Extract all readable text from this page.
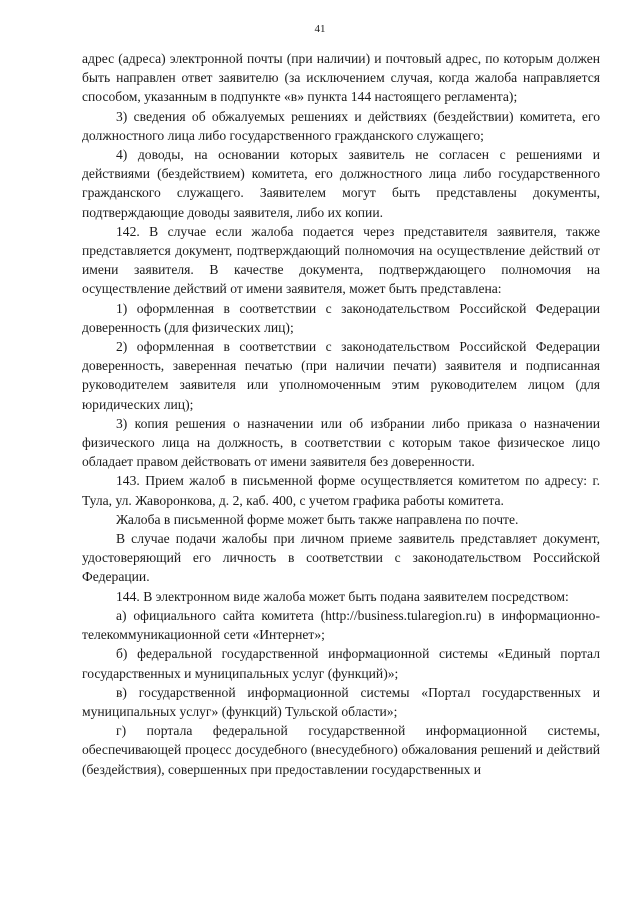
41

адрес (адреса) электронной почты (при наличии) и почтовый адрес, по которым должен быть направлен ответ заявителю (за исключением случая, когда жалоба направляется способом, указанным в подпункте «в» пункта 144 настоящего регламента);

3) сведения об обжалуемых решениях и действиях (бездействии) комитета, его должностного лица либо государственного гражданского служащего;

4) доводы, на основании которых заявитель не согласен с решениями и действиями (бездействием) комитета, его должностного лица либо государственного гражданского служащего. Заявителем могут быть представлены документы, подтверждающие доводы заявителя, либо их копии.

142. В случае если жалоба подается через представителя заявителя, также представляется документ, подтверждающий полномочия на осуществление действий от имени заявителя. В качестве документа, подтверждающего полномочия на осуществление действий от имени заявителя, может быть представлена:

1) оформленная в соответствии с законодательством Российской Федерации доверенность (для физических лиц);

2) оформленная в соответствии с законодательством Российской Федерации доверенность, заверенная печатью (при наличии печати) заявителя и подписанная руководителем заявителя или уполномоченным этим руководителем лицом (для юридических лиц);

3) копия решения о назначении или об избрании либо приказа о назначении физического лица на должность, в соответствии с которым такое физическое лицо обладает правом действовать от имени заявителя без доверенности.

143. Прием жалоб в письменной форме осуществляется комитетом по адресу: г. Тула, ул. Жаворонкова, д. 2, каб. 400, с учетом графика работы комитета.

Жалоба в письменной форме может быть также направлена по почте.

В случае подачи жалобы при личном приеме заявитель представляет документ, удостоверяющий его личность в соответствии с законодательством Российской Федерации.

144. В электронном виде жалоба может быть подана заявителем посредством:

а) официального сайта комитета (http://business.tularegion.ru) в информационно-телекоммуникационной сети «Интернет»;

б) федеральной государственной информационной системы «Единый портал государственных и муниципальных услуг (функций)»;

в) государственной информационной системы «Портал государственных и муниципальных услуг» (функций) Тульской области»;

г) портала федеральной государственной информационной системы, обеспечивающей процесс досудебного (внесудебного) обжалования решений и действий (бездействия), совершенных при предоставлении государственных и
